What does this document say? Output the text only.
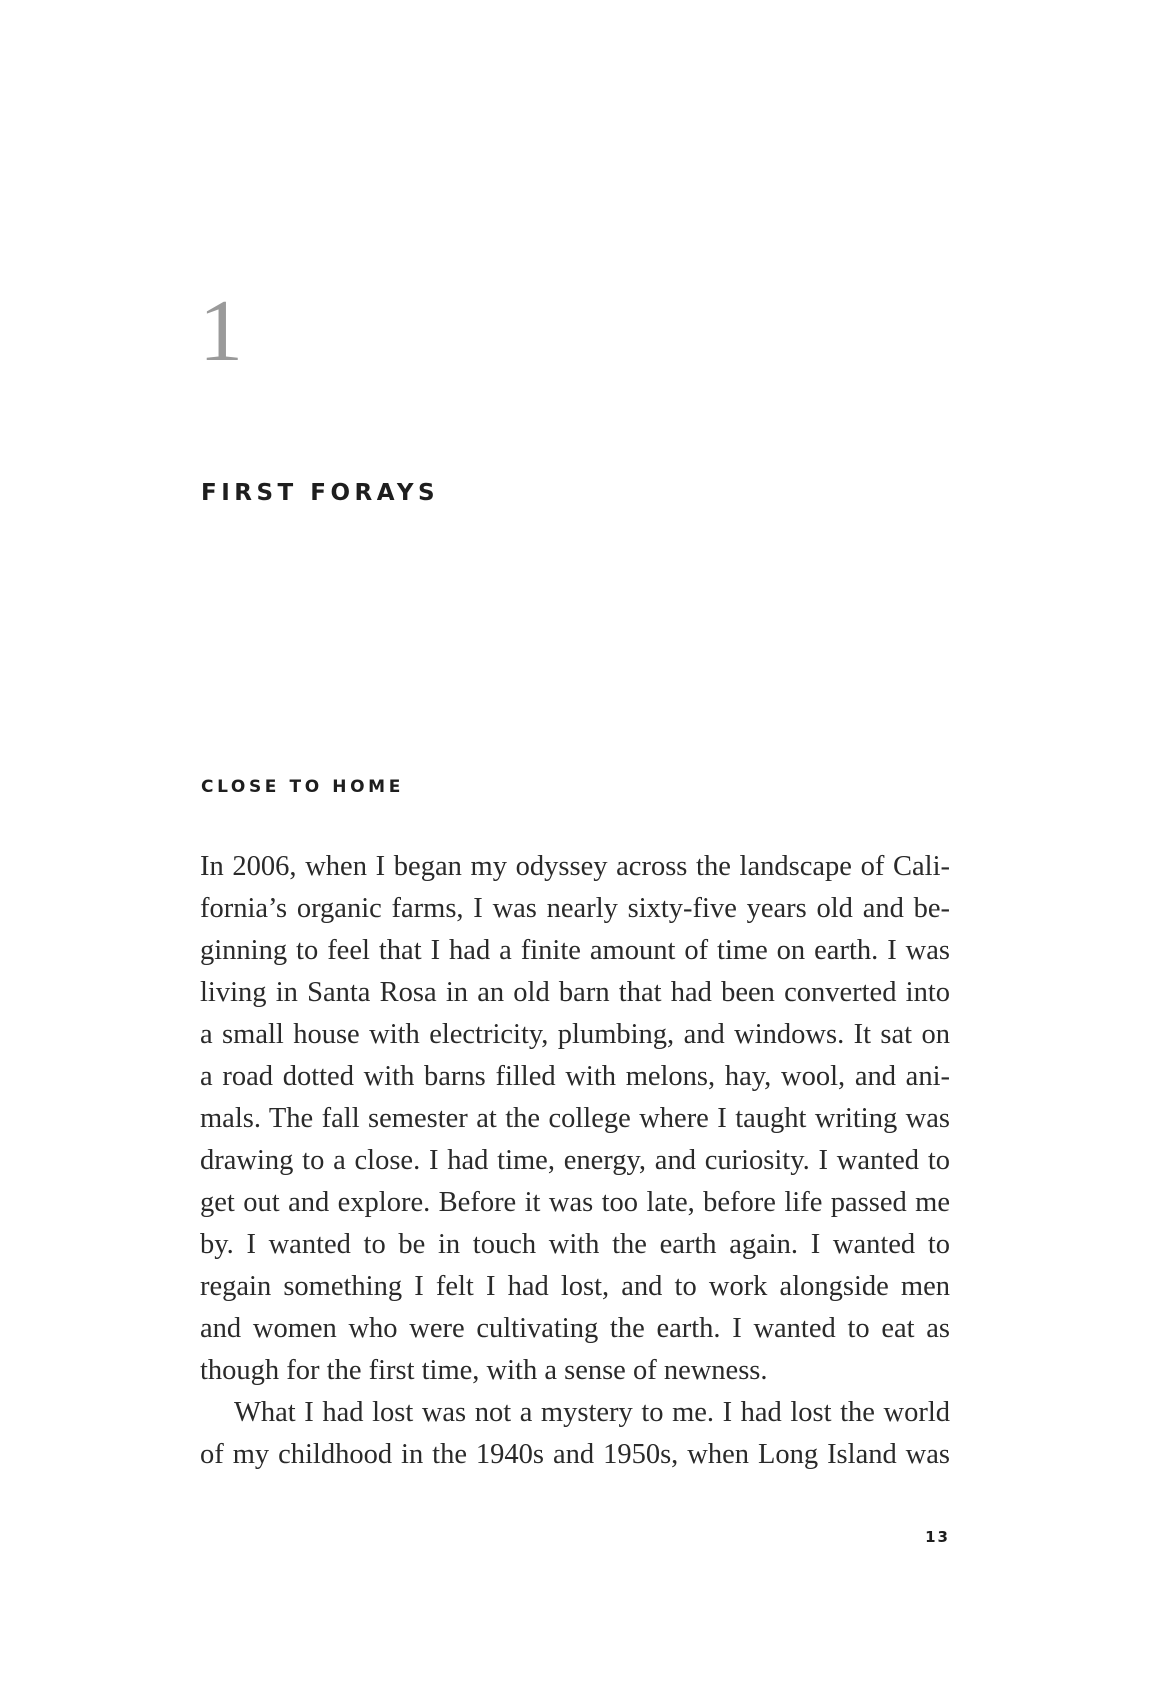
1
FIRST FORAYS
CLOSE TO HOME

In 2006, when I began my odyssey across the landscape of Cali-
fornia’s organic farms, I was nearly sixty-five years old and be-
ginning to feel that I had a finite amount of time on earth. I was
living in Santa Rosa in an old barn that had been converted into
a small house with electricity, plumbing, and windows. It sat on
a road dotted with barns filled with melons, hay, wool, and ani-
mals. The fall semester at the college where I taught writing was
drawing to a close. I had time, energy, and curiosity. I wanted to
get out and explore. Before it was too late, before life passed me
by. I wanted to be in touch with the earth again. I wanted to
regain something I felt I had lost, and to work alongside men
and women who were cultivating the earth. I wanted to eat as
though for the first time, with a sense of newness.

What I had lost was not a mystery to me. I had lost the world
of my childhood in the 1940s and 1950s, when Long Island was

13
